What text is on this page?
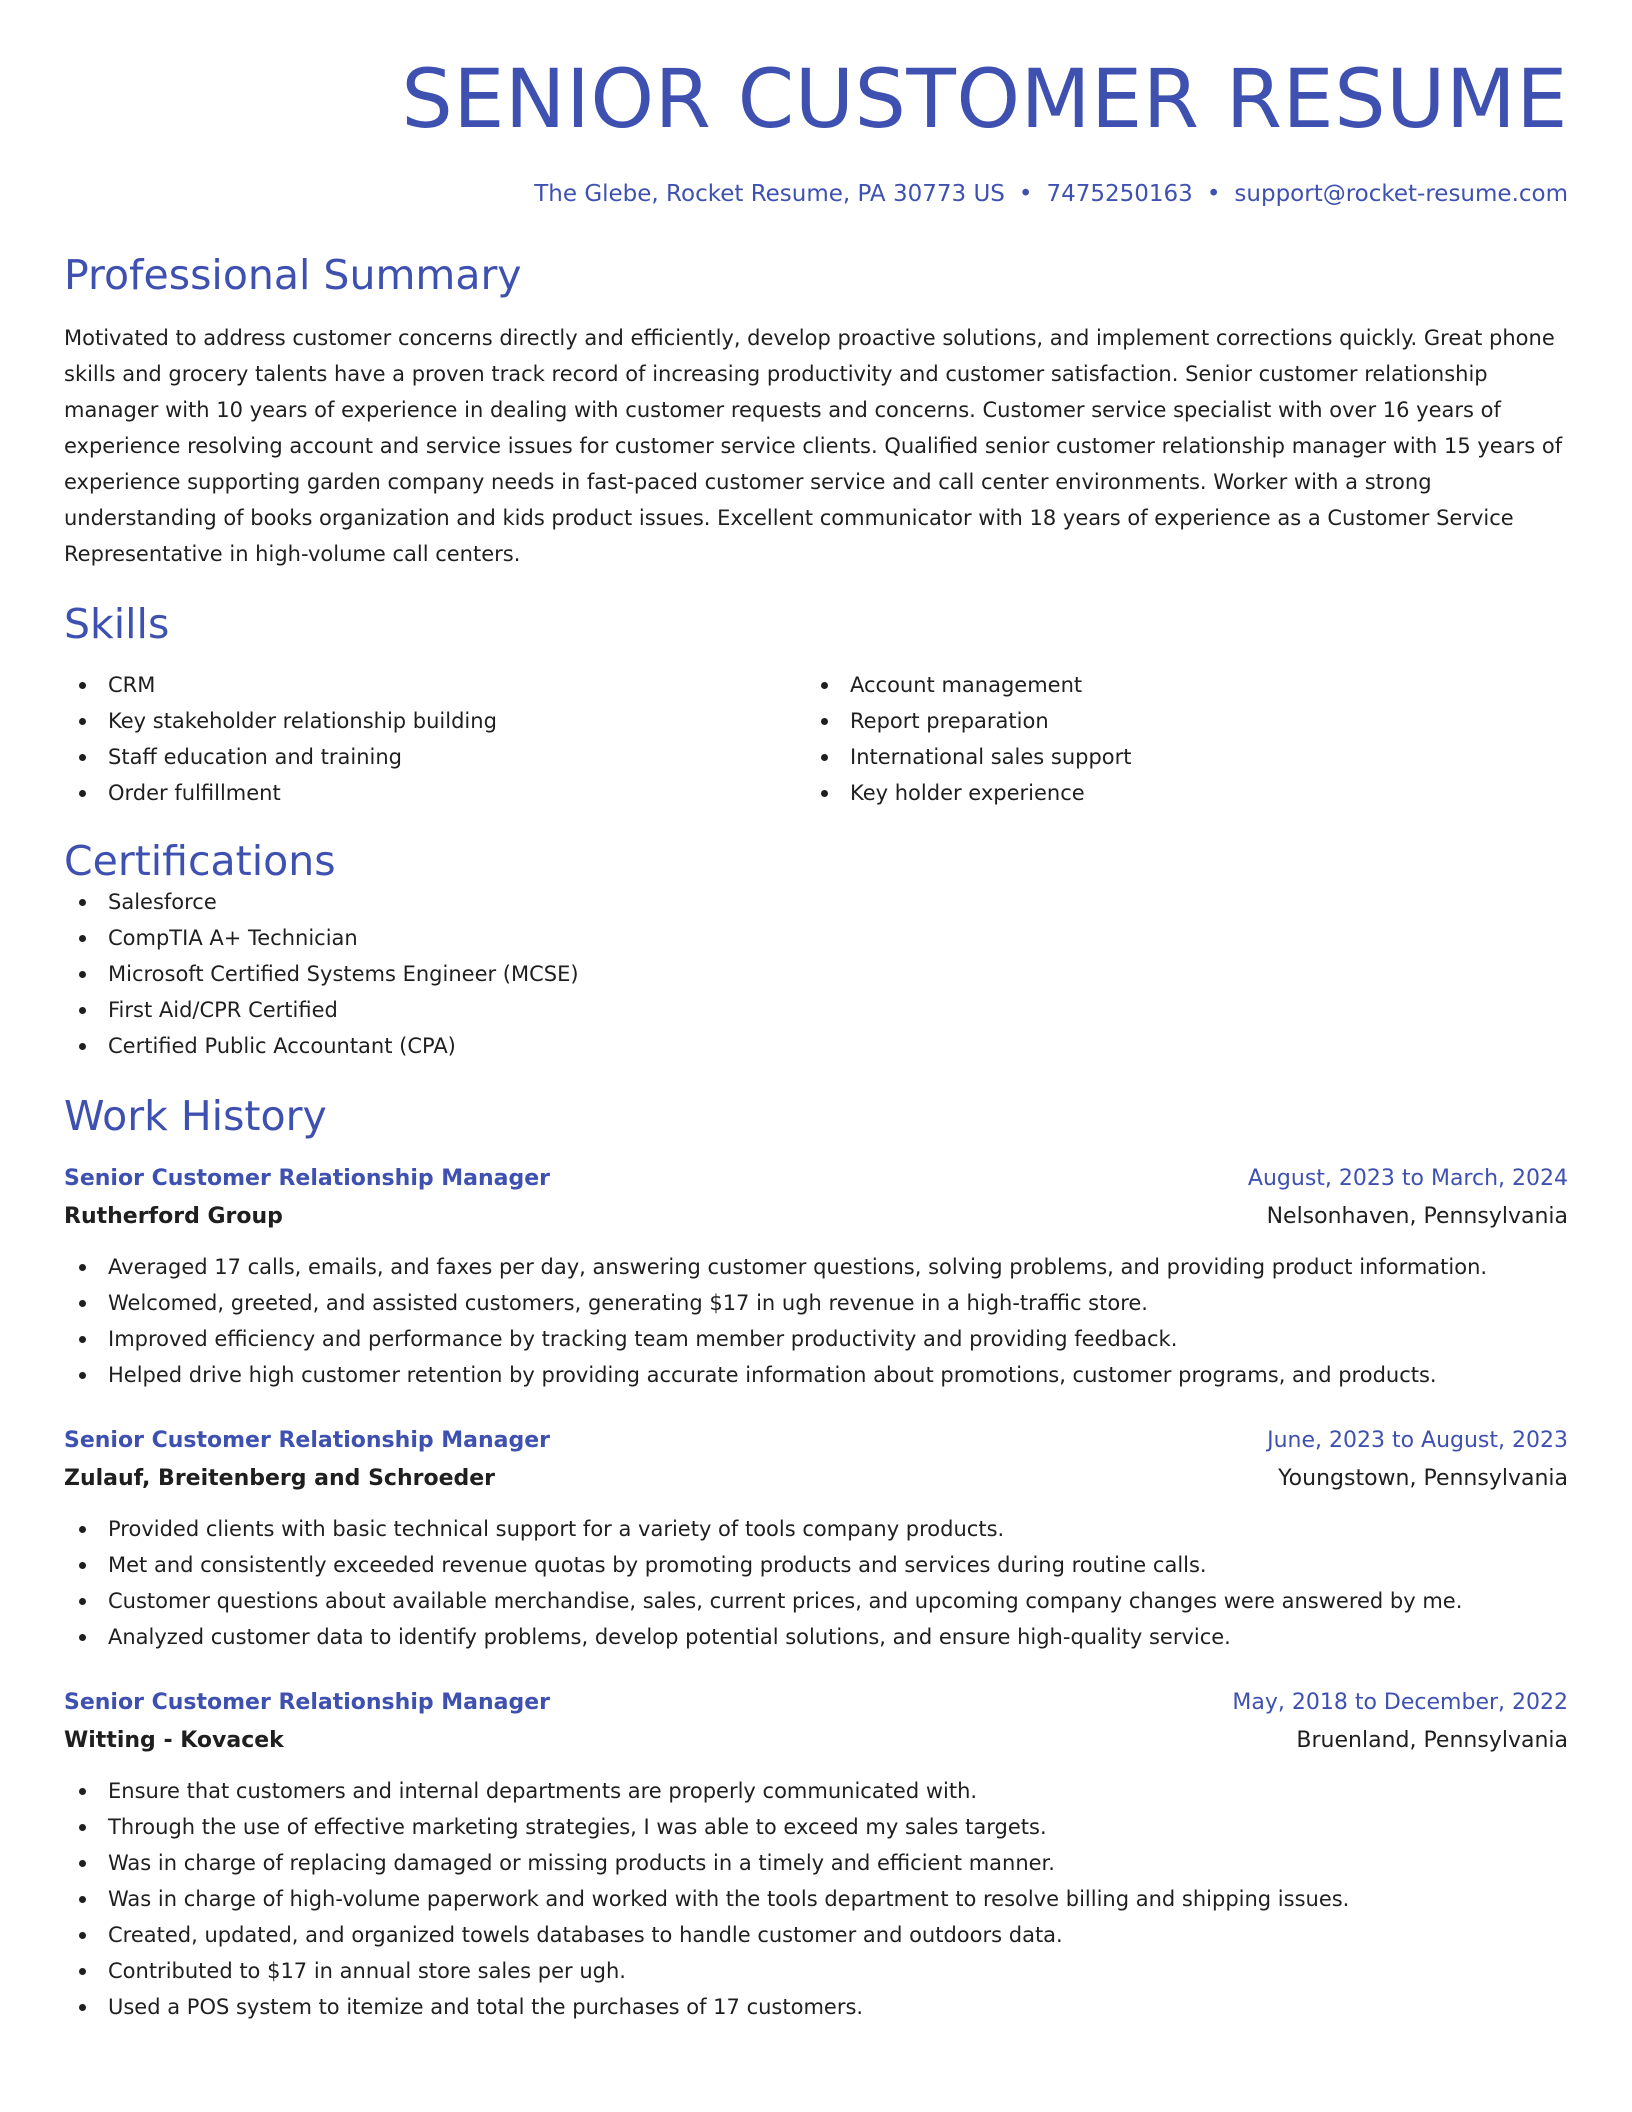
SENIOR CUSTOMER RESUME
The Glebe, Rocket Resume, PA 30773 US • 7475250163 • support@rocket-resume.com
Professional Summary

Motivated to address customer concerns directly and efficiently, develop proactive solutions, and implement corrections quickly. Great phone skills and grocery talents have a proven track record of increasing productivity and customer satisfaction. Senior customer relationship manager with 10 years of experience in dealing with customer requests and concerns. Customer service specialist with over 16 years of experience resolving account and service issues for customer service clients. Qualified senior customer relationship manager with 15 years of experience supporting garden company needs in fast-paced customer service and call center environments. Worker with a strong understanding of books organization and kids product issues. Excellent communicator with 18 years of experience as a Customer Service Representative in high-volume call centers.

Skills
CRM
Key stakeholder relationship building
Staff education and training
Order fulfillment
Account management
Report preparation
International sales support
Key holder experience
Certifications
Salesforce
CompTIA A+ Technician
Microsoft Certified Systems Engineer (MCSE)
First Aid/CPR Certified
Certified Public Accountant (CPA)
Work History
Senior Customer Relationship Manager	August, 2023 to March, 2024
Rutherford Group	Nelsonhaven, Pennsylvania
Averaged 17 calls, emails, and faxes per day, answering customer questions, solving problems, and providing product information.
Welcomed, greeted, and assisted customers, generating $17 in ugh revenue in a high-traffic store.
Improved efficiency and performance by tracking team member productivity and providing feedback.
Helped drive high customer retention by providing accurate information about promotions, customer programs, and products.
Senior Customer Relationship Manager	June, 2023 to August, 2023
Zulauf, Breitenberg and Schroeder	Youngstown, Pennsylvania
Provided clients with basic technical support for a variety of tools company products.
Met and consistently exceeded revenue quotas by promoting products and services during routine calls.
Customer questions about available merchandise, sales, current prices, and upcoming company changes were answered by me.
Analyzed customer data to identify problems, develop potential solutions, and ensure high-quality service.
Senior Customer Relationship Manager	May, 2018 to December, 2022
Witting - Kovacek	Bruenland, Pennsylvania
Ensure that customers and internal departments are properly communicated with.
Through the use of effective marketing strategies, I was able to exceed my sales targets.
Was in charge of replacing damaged or missing products in a timely and efficient manner.
Was in charge of high-volume paperwork and worked with the tools department to resolve billing and shipping issues.
Created, updated, and organized towels databases to handle customer and outdoors data.
Contributed to $17 in annual store sales per ugh.
Used a POS system to itemize and total the purchases of 17 customers.
